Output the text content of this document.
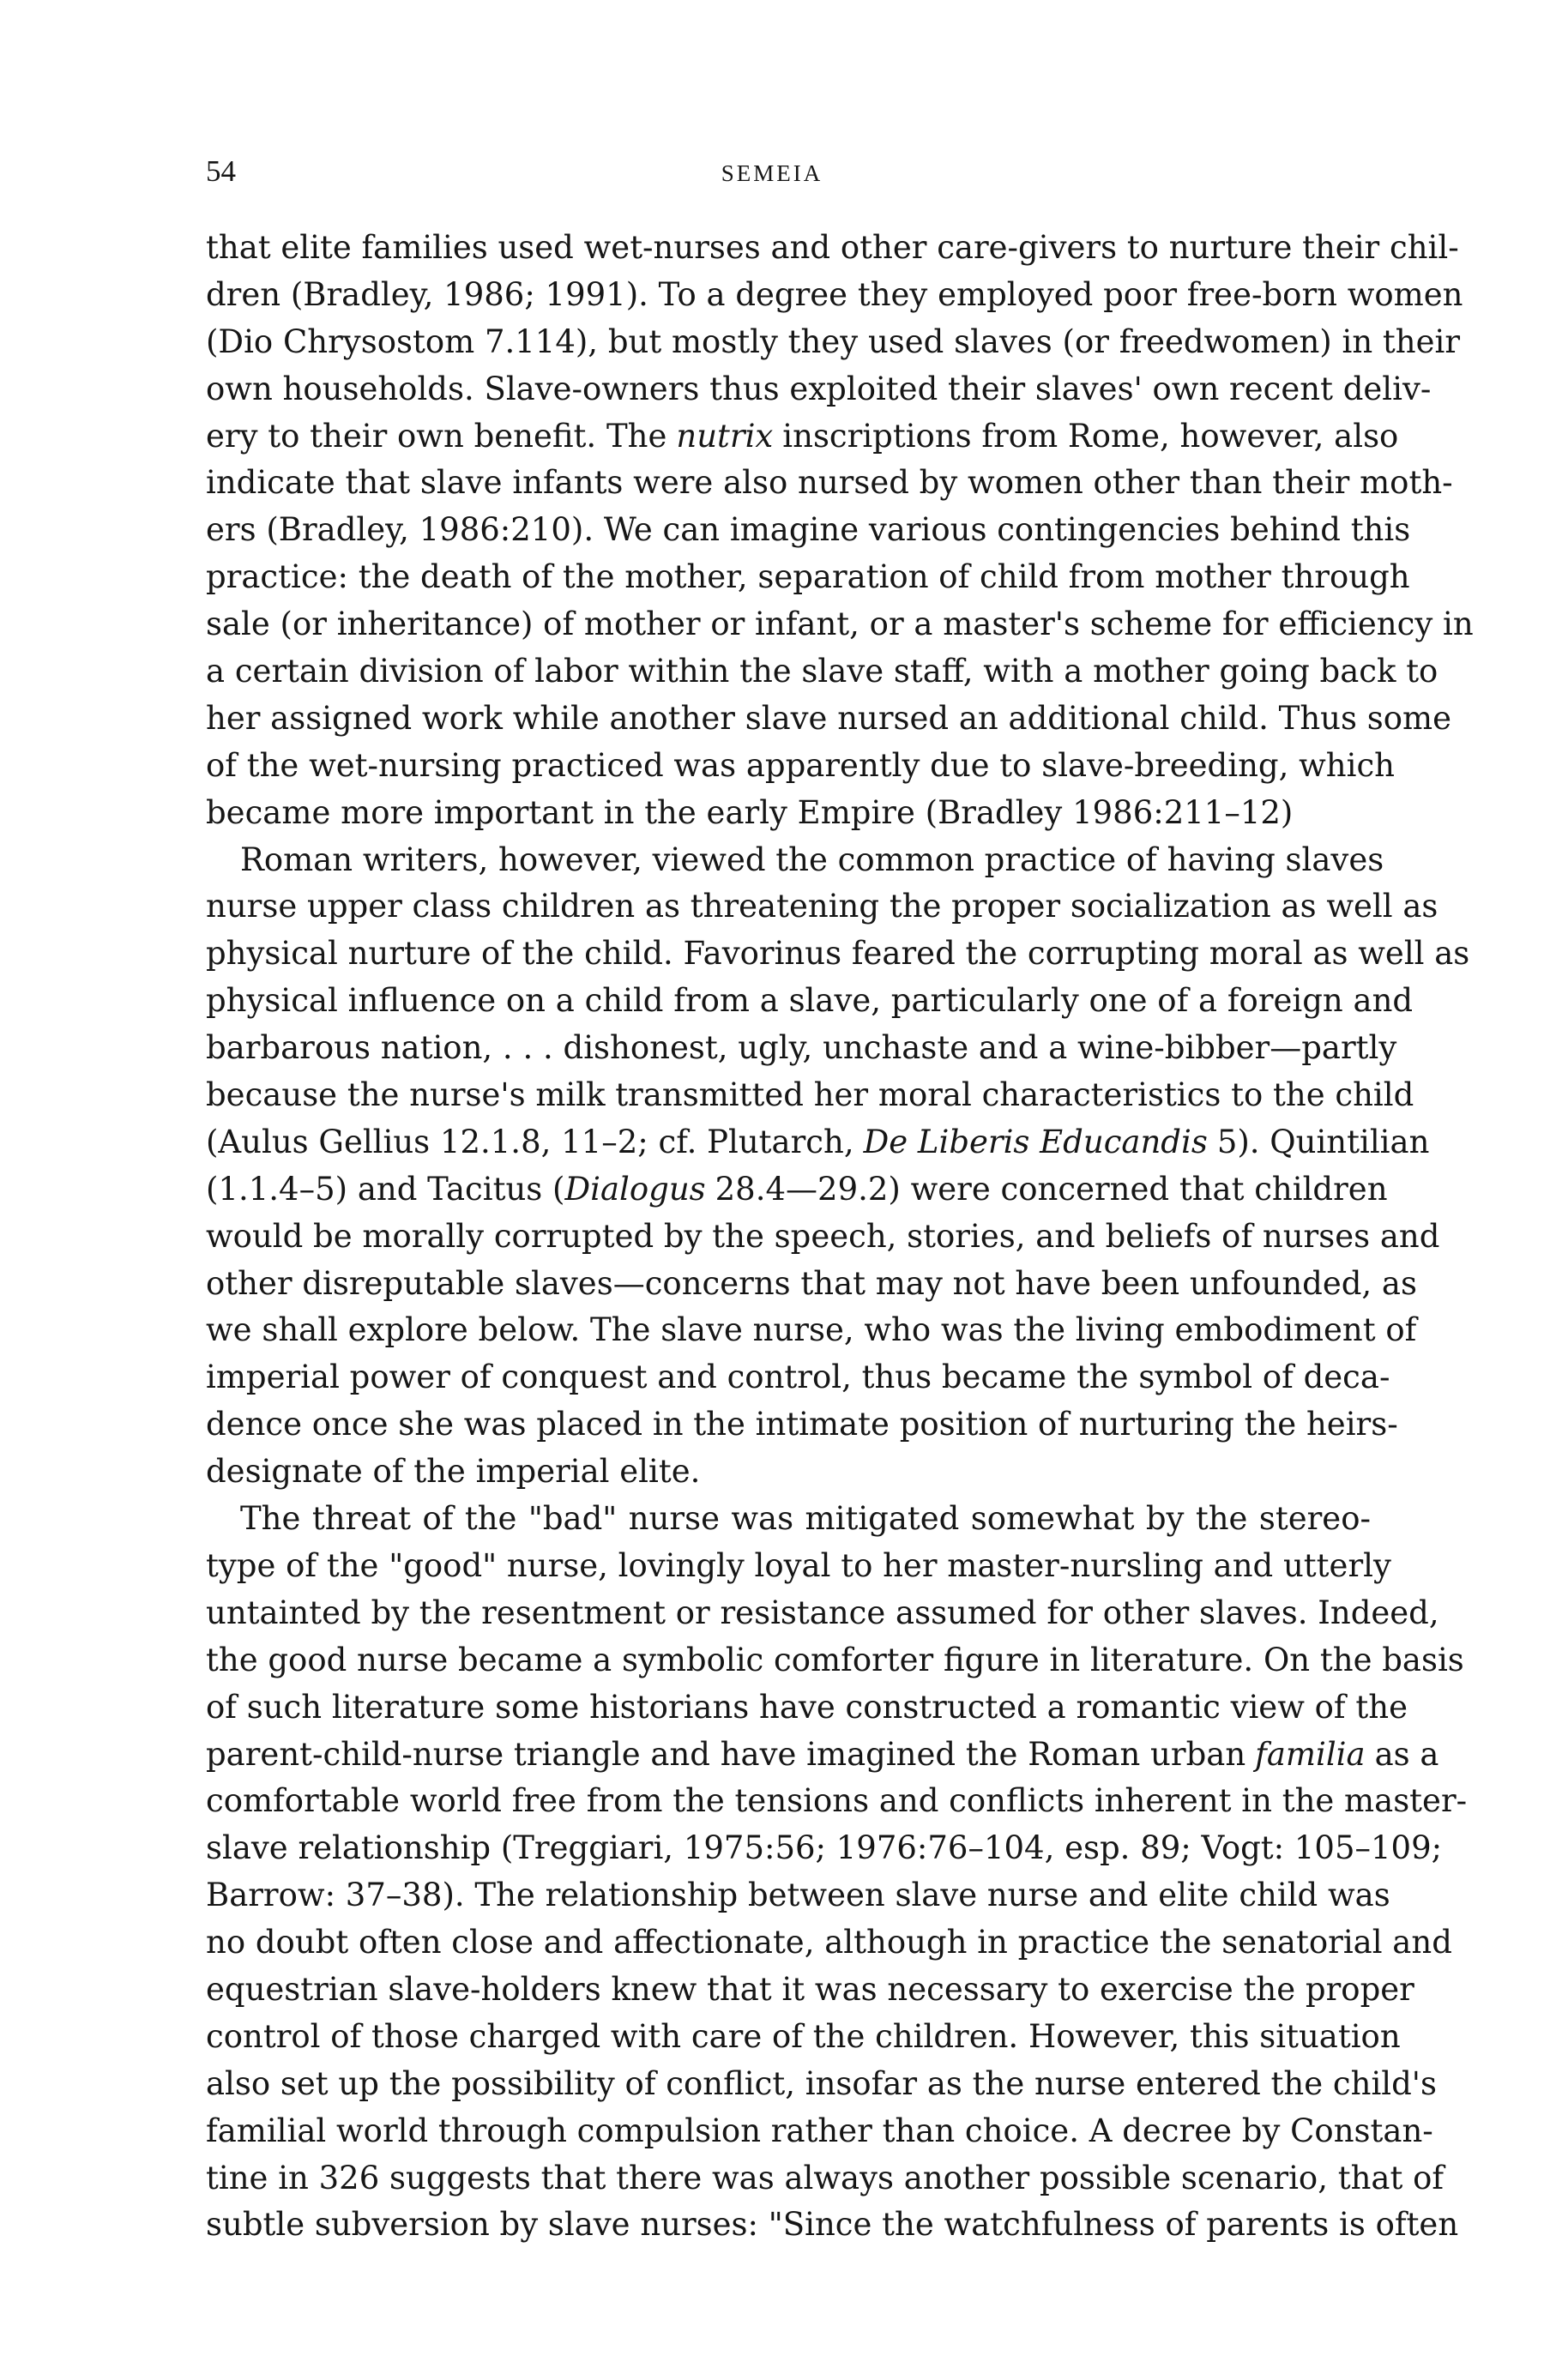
54	SEMEIA
that elite families used wet-nurses and other care-givers to nurture their chil-
dren (Bradley, 1986; 1991). To a degree they employed poor free-born women
(Dio Chrysostom 7.114), but mostly they used slaves (or freedwomen) in their
own households. Slave-owners thus exploited their slaves' own recent deliv-
ery to their own benefit. The nutrix inscriptions from Rome, however, also
indicate that slave infants were also nursed by women other than their moth-
ers (Bradley, 1986:210). We can imagine various contingencies behind this
practice: the death of the mother, separation of child from mother through
sale (or inheritance) of mother or infant, or a master's scheme for efficiency in
a certain division of labor within the slave staff, with a mother going back to
her assigned work while another slave nursed an additional child. Thus some
of the wet-nursing practiced was apparently due to slave-breeding, which
became more important in the early Empire (Bradley 1986:211–12)
Roman writers, however, viewed the common practice of having slaves
nurse upper class children as threatening the proper socialization as well as
physical nurture of the child. Favorinus feared the corrupting moral as well as
physical influence on a child from a slave, particularly one of a foreign and
barbarous nation, . . . dishonest, ugly, unchaste and a wine-bibber—partly
because the nurse's milk transmitted her moral characteristics to the child
(Aulus Gellius 12.1.8, 11–2; cf. Plutarch, De Liberis Educandis 5). Quintilian
(1.1.4–5) and Tacitus (Dialogus 28.4—29.2) were concerned that children
would be morally corrupted by the speech, stories, and beliefs of nurses and
other disreputable slaves—concerns that may not have been unfounded, as
we shall explore below. The slave nurse, who was the living embodiment of
imperial power of conquest and control, thus became the symbol of deca-
dence once she was placed in the intimate position of nurturing the heirs-
designate of the imperial elite.
The threat of the "bad" nurse was mitigated somewhat by the stereo-
type of the "good" nurse, lovingly loyal to her master-nursling and utterly
untainted by the resentment or resistance assumed for other slaves. Indeed,
the good nurse became a symbolic comforter figure in literature. On the basis
of such literature some historians have constructed a romantic view of the
parent-child-nurse triangle and have imagined the Roman urban familia as a
comfortable world free from the tensions and conflicts inherent in the master-
slave relationship (Treggiari, 1975:56; 1976:76–104, esp. 89; Vogt: 105–109;
Barrow: 37–38). The relationship between slave nurse and elite child was
no doubt often close and affectionate, although in practice the senatorial and
equestrian slave-holders knew that it was necessary to exercise the proper
control of those charged with care of the children. However, this situation
also set up the possibility of conflict, insofar as the nurse entered the child's
familial world through compulsion rather than choice. A decree by Constan-
tine in 326 suggests that there was always another possible scenario, that of
subtle subversion by slave nurses: "Since the watchfulness of parents is often
